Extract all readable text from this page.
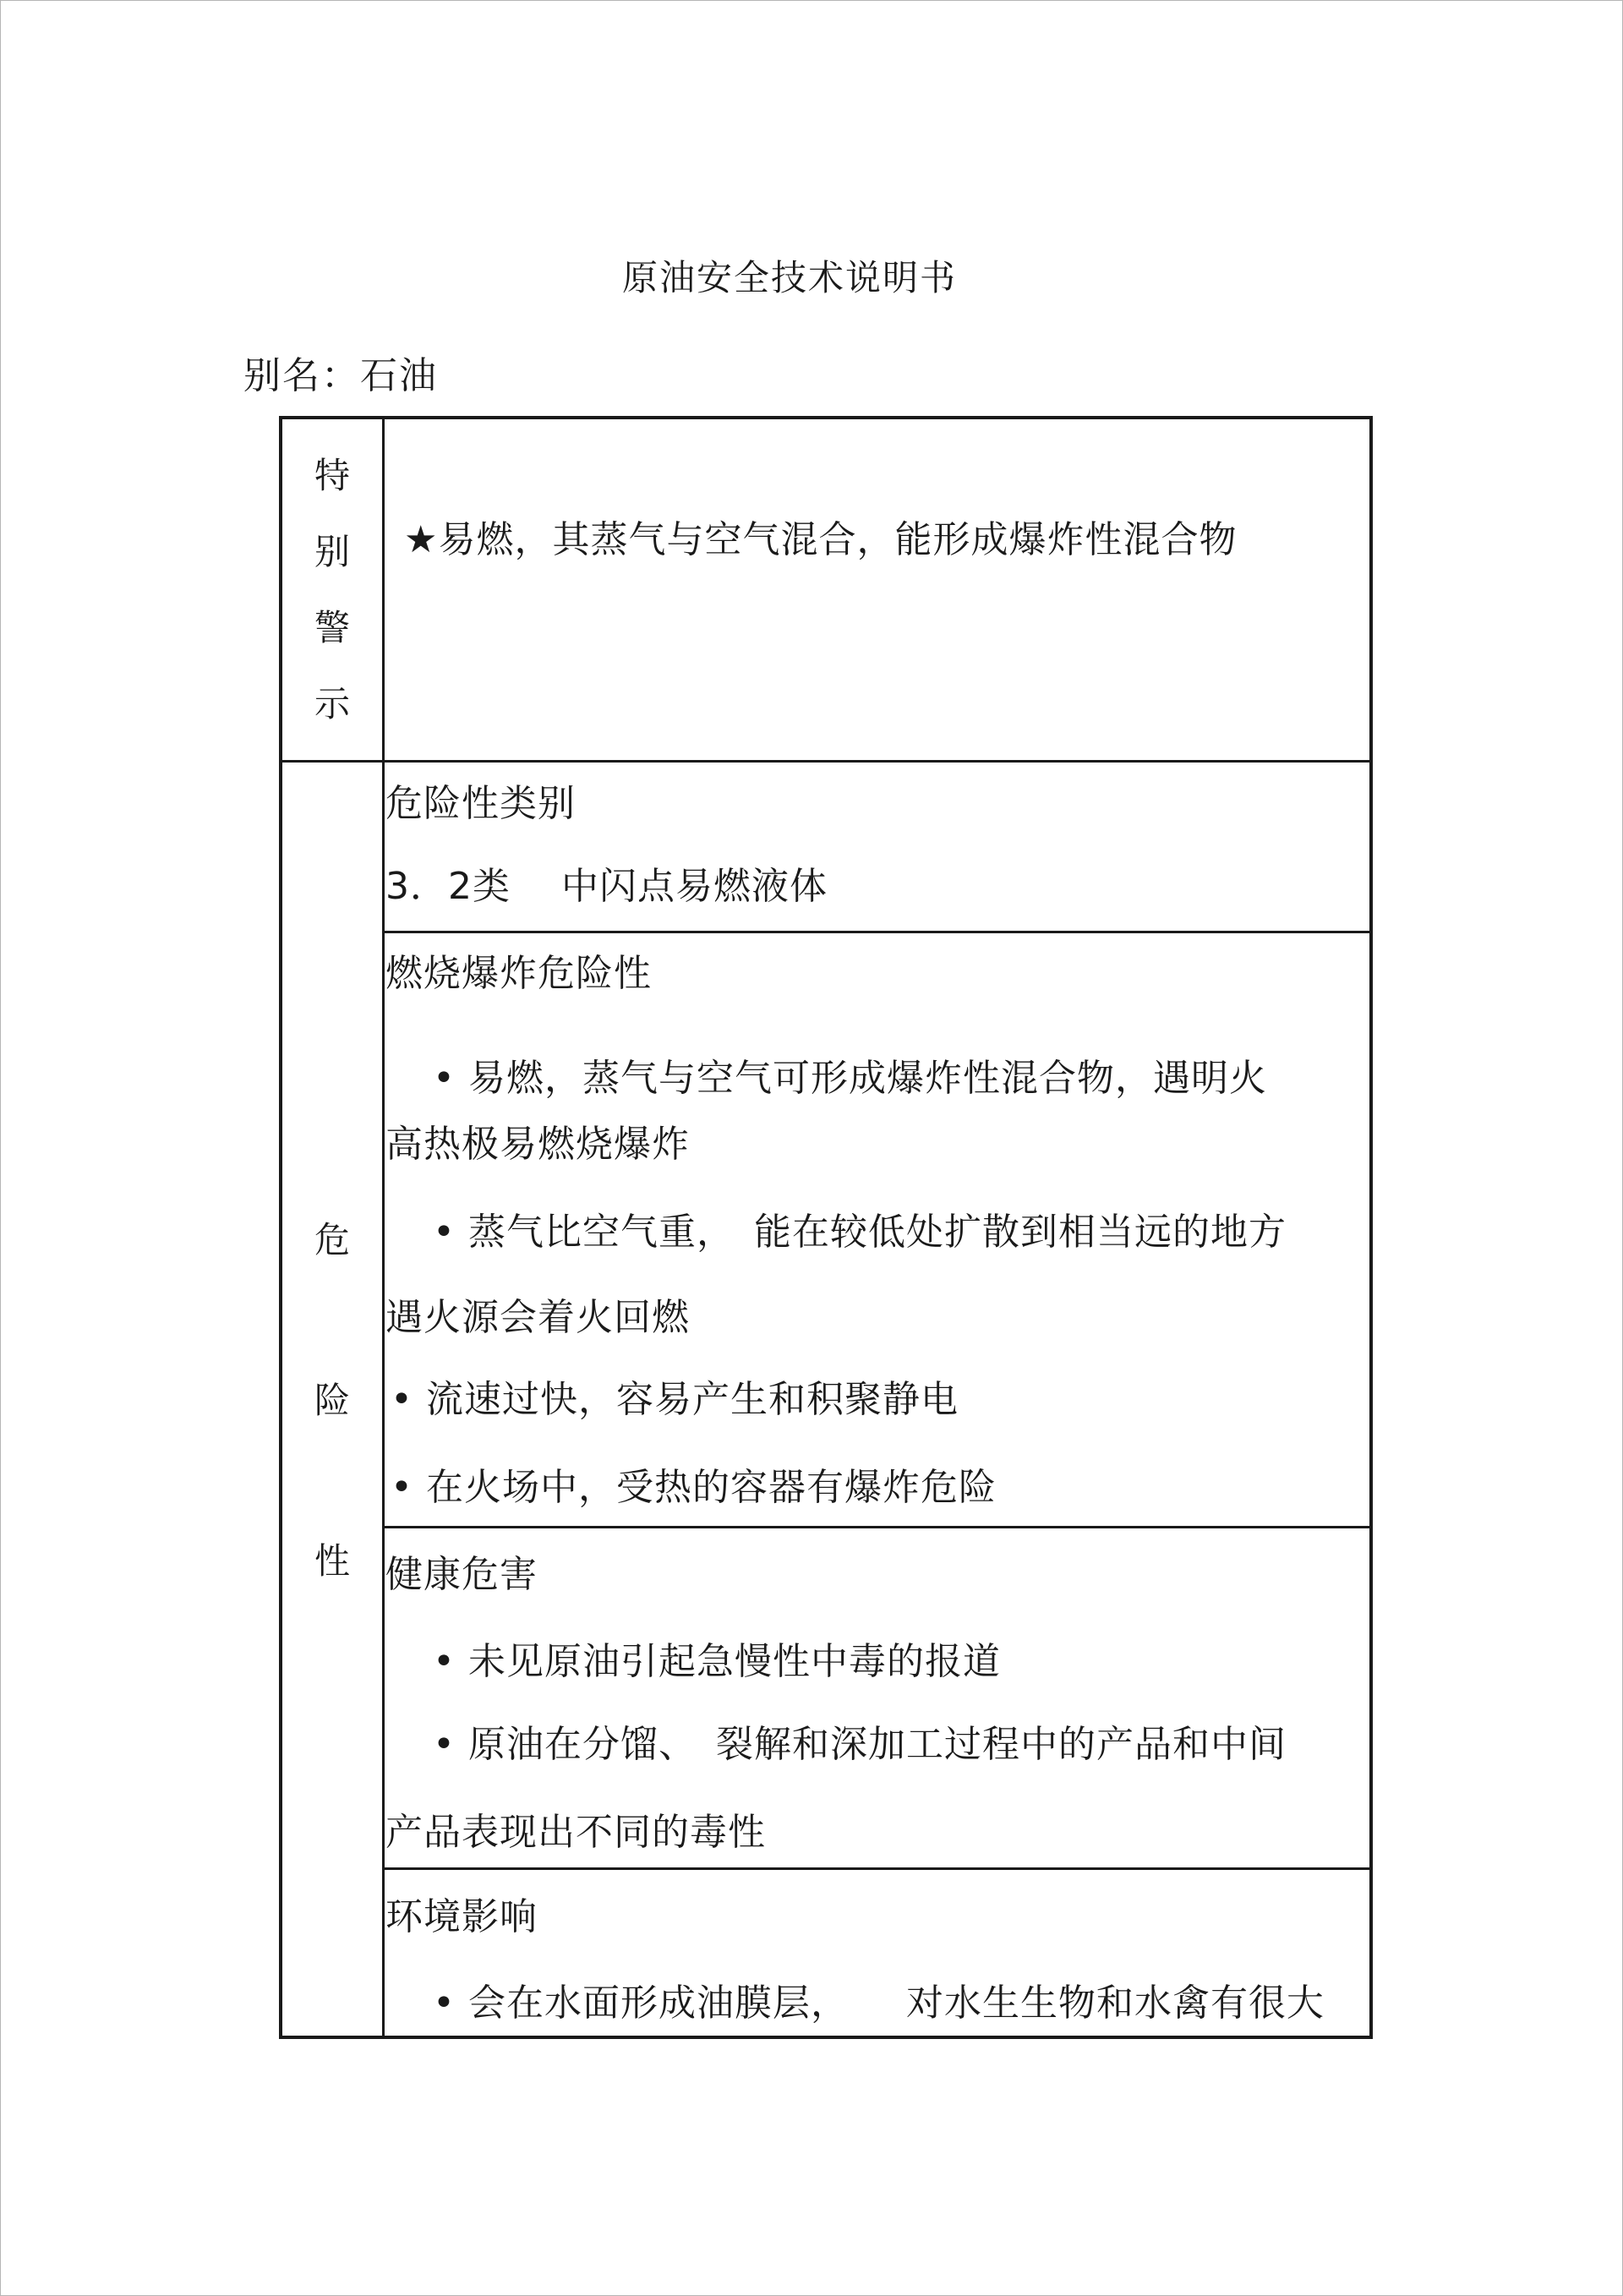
原油安全技术说明书
别名：石油
特
别
警
示
★易燃，其蒸气与空气混合，能形成爆炸性混合物
危
险
性
危险性类别
3．2类　 中闪点易燃液体
燃烧爆炸危险性
• 易燃，蒸气与空气可形成爆炸性混合物，遇明火
高热极易燃烧爆炸
• 蒸气比空气重，　能在较低处扩散到相当远的地方
遇火源会着火回燃
• 流速过快，容易产生和积聚静电
• 在火场中，受热的容器有爆炸危险
健康危害
• 未见原油引起急慢性中毒的报道
• 原油在分馏、　裂解和深加工过程中的产品和中间
产品表现出不同的毒性
环境影响
• 会在水面形成油膜层，　　对水生生物和水禽有很大
